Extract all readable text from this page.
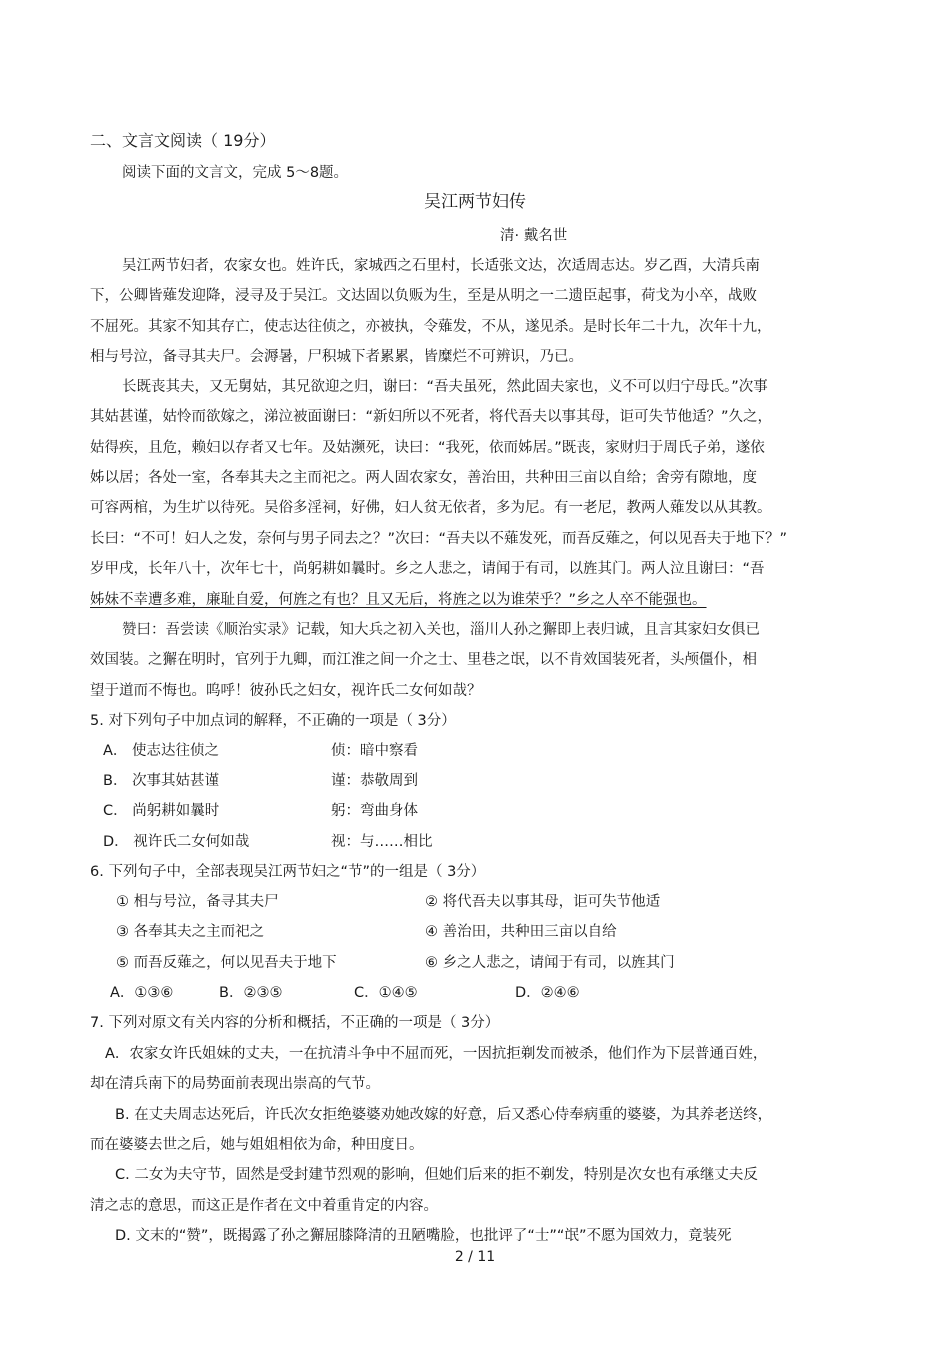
二、文言文阅读（ 19分）
阅读下面的文言文，完成 5～8题。
吴江两节妇传
清· 戴名世
吴江两节妇者，农家女也。姓许氏，家城西之石里村，长适张文达，次适周志达。岁乙酉，大清兵南
下，公卿皆薙发迎降，浸寻及于吴江。文达固以负贩为生，至是从明之一二遗臣起事，荷戈为小卒，战败
不屈死。其家不知其存亡，使志达往侦之，亦被执，令薙发，不从，遂见杀。是时长年二十九，次年十九，
相与号泣，备寻其夫尸。会溽暑，尸积城下者累累，皆糜烂不可辨识，乃已。
长既丧其夫，又无舅姑，其兄欲迎之归，谢曰：“吾夫虽死，然此固夫家也，义不可以归宁母氏。”次事
其姑甚谨，姑怜而欲嫁之，涕泣被面谢曰：“新妇所以不死者，将代吾夫以事其母，讵可失节他适？”久之，
姑得疾，且危，赖妇以存者又七年。及姑濒死，诀曰：“我死，依而姊居。”既丧，家财归于周氏子弟，遂依
姊以居；各处一室，各奉其夫之主而祀之。两人固农家女，善治田，共种田三亩以自给；舍旁有隙地，度
可容两棺，为生圹以待死。吴俗多淫祠，好佛，妇人贫无依者，多为尼。有一老尼，教两人薙发以从其教。
长曰：“不可！妇人之发，奈何与男子同去之？”次曰：“吾夫以不薙发死，而吾反薙之，何以见吾夫于地下？”
岁甲戌，长年八十，次年七十，尚躬耕如曩时。乡之人悲之，请闻于有司，以旌其门。两人泣且谢曰：“吾
姊妹不幸遭多难，廉耻自爱，何旌之有也？且又无后，将旌之以为谁荣乎？”乡之人卒不能强也。
赞曰：吾尝读《顺治实录》记载，知大兵之初入关也，淄川人孙之獬即上表归诚，且言其家妇女俱已
效国装。之獬在明时，官列于九卿，而江淮之间一介之士、里巷之氓，以不肯效国装死者，头颅僵仆，相
望于道而不悔也。呜呼！彼孙氏之妇女，视许氏二女何如哉？
5. 对下列句子中加点词的解释，不正确的一项是（ 3分）
A． 使志达往侦之	侦：暗中察看
B． 次事其姑甚谨	谨：恭敬周到
C． 尚躬耕如曩时	躬：弯曲身体
D． 视许氏二女何如哉	视：与……相比
6. 下列句子中，全部表现吴江两节妇之“节”的一组是（ 3分）
① 相与号泣，备寻其夫尸	② 将代吾夫以事其母，讵可失节他适
③ 各奉其夫之主而祀之	④ 善治田，共种田三亩以自给
⑤ 而吾反薙之，何以见吾夫于地下	⑥ 乡之人悲之，请闻于有司，以旌其门
A．①③⑥	B．②③⑤	C．①④⑤	D．②④⑥
7. 下列对原文有关内容的分析和概括，不正确的一项是（ 3分）
A．农家女许氏姐妹的丈夫，一在抗清斗争中不屈而死，一因抗拒剃发而被杀，他们作为下层普通百姓，
却在清兵南下的局势面前表现出崇高的气节。
B. 在丈夫周志达死后，许氏次女拒绝婆婆劝她改嫁的好意，后又悉心侍奉病重的婆婆，为其养老送终，
而在婆婆去世之后，她与姐姐相依为命，种田度日。
C. 二女为夫守节，固然是受封建节烈观的影响，但她们后来的拒不剃发，特别是次女也有承继丈夫反
清之志的意思，而这正是作者在文中着重肯定的内容。
D. 文末的“赞”，既揭露了孙之獬屈膝降清的丑陋嘴脸，也批评了“士”“氓”不愿为国效力，竟装死
2 / 11
